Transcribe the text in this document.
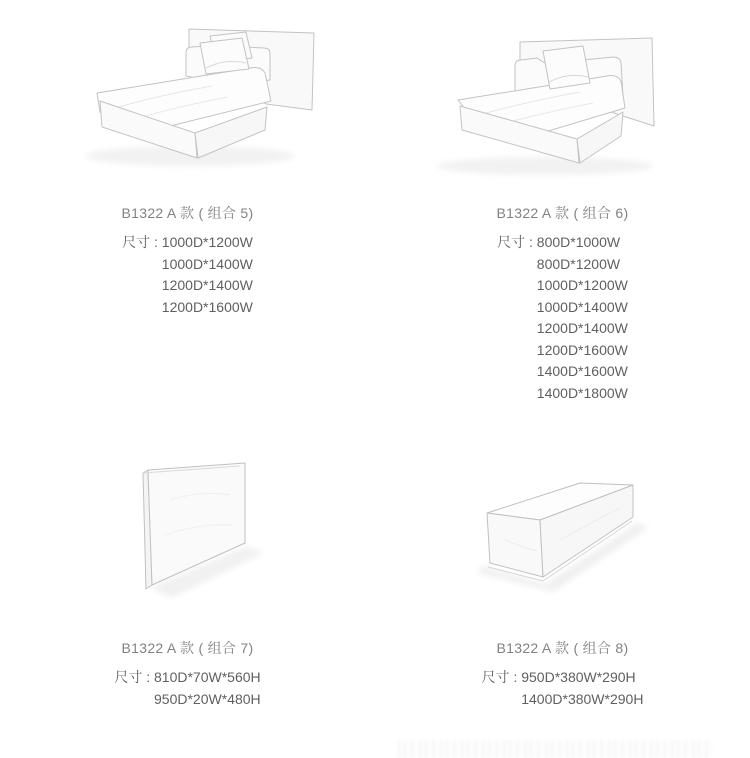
B1322 A 款 ( 组合 5)
尺寸 : 1000D*1200W
1000D*1400W
1200D*1400W
1200D*1600W
B1322 A 款 ( 组合 6)
尺寸 : 800D*1000W
800D*1200W
1000D*1200W
1000D*1400W
1200D*1400W
1200D*1600W
1400D*1600W
1400D*1800W
B1322 A 款 ( 组合 7)
尺寸 : 810D*70W*560H
950D*20W*480H
B1322 A 款 ( 组合 8)
尺寸 : 950D*380W*290H
1400D*380W*290H
